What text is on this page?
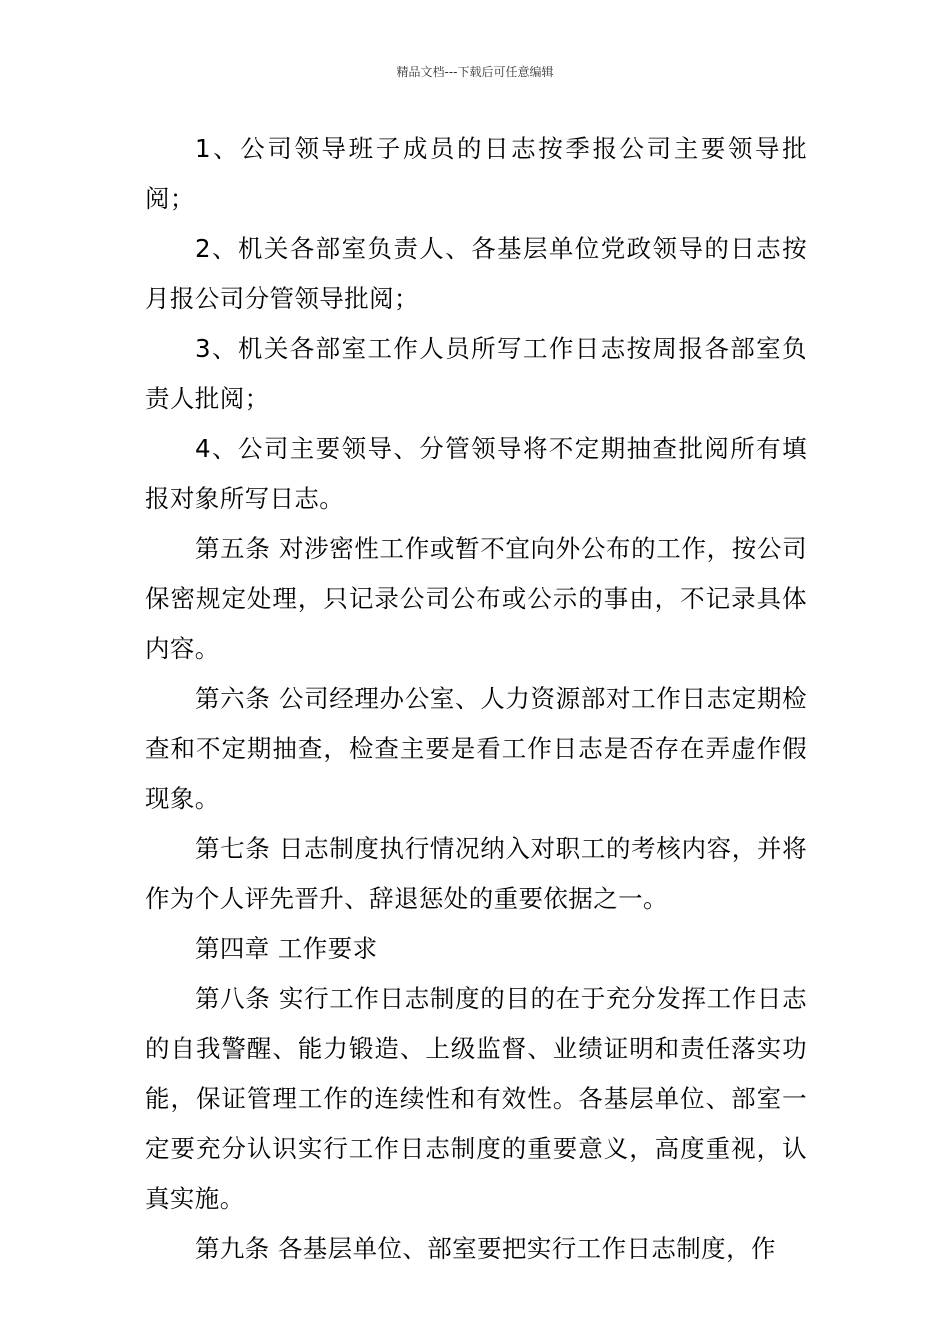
精品文档---下载后可任意编辑

1、公司领导班子成员的日志按季报公司主要领导批阅；

2、机关各部室负责人、各基层单位党政领导的日志按月报公司分管领导批阅；

3、机关各部室工作人员所写工作日志按周报各部室负责人批阅；

4、公司主要领导、分管领导将不定期抽查批阅所有填报对象所写日志。

第五条 对涉密性工作或暂不宜向外公布的工作，按公司保密规定处理，只记录公司公布或公示的事由，不记录具体内容。

第六条 公司经理办公室、人力资源部对工作日志定期检查和不定期抽查，检查主要是看工作日志是否存在弄虚作假现象。

第七条 日志制度执行情况纳入对职工的考核内容，并将作为个人评先晋升、辞退惩处的重要依据之一。

第四章 工作要求

第八条 实行工作日志制度的目的在于充分发挥工作日志的自我警醒、能力锻造、上级监督、业绩证明和责任落实功能，保证管理工作的连续性和有效性。各基层单位、部室一定要充分认识实行工作日志制度的重要意义，高度重视，认真实施。

第九条 各基层单位、部室要把实行工作日志制度，作
